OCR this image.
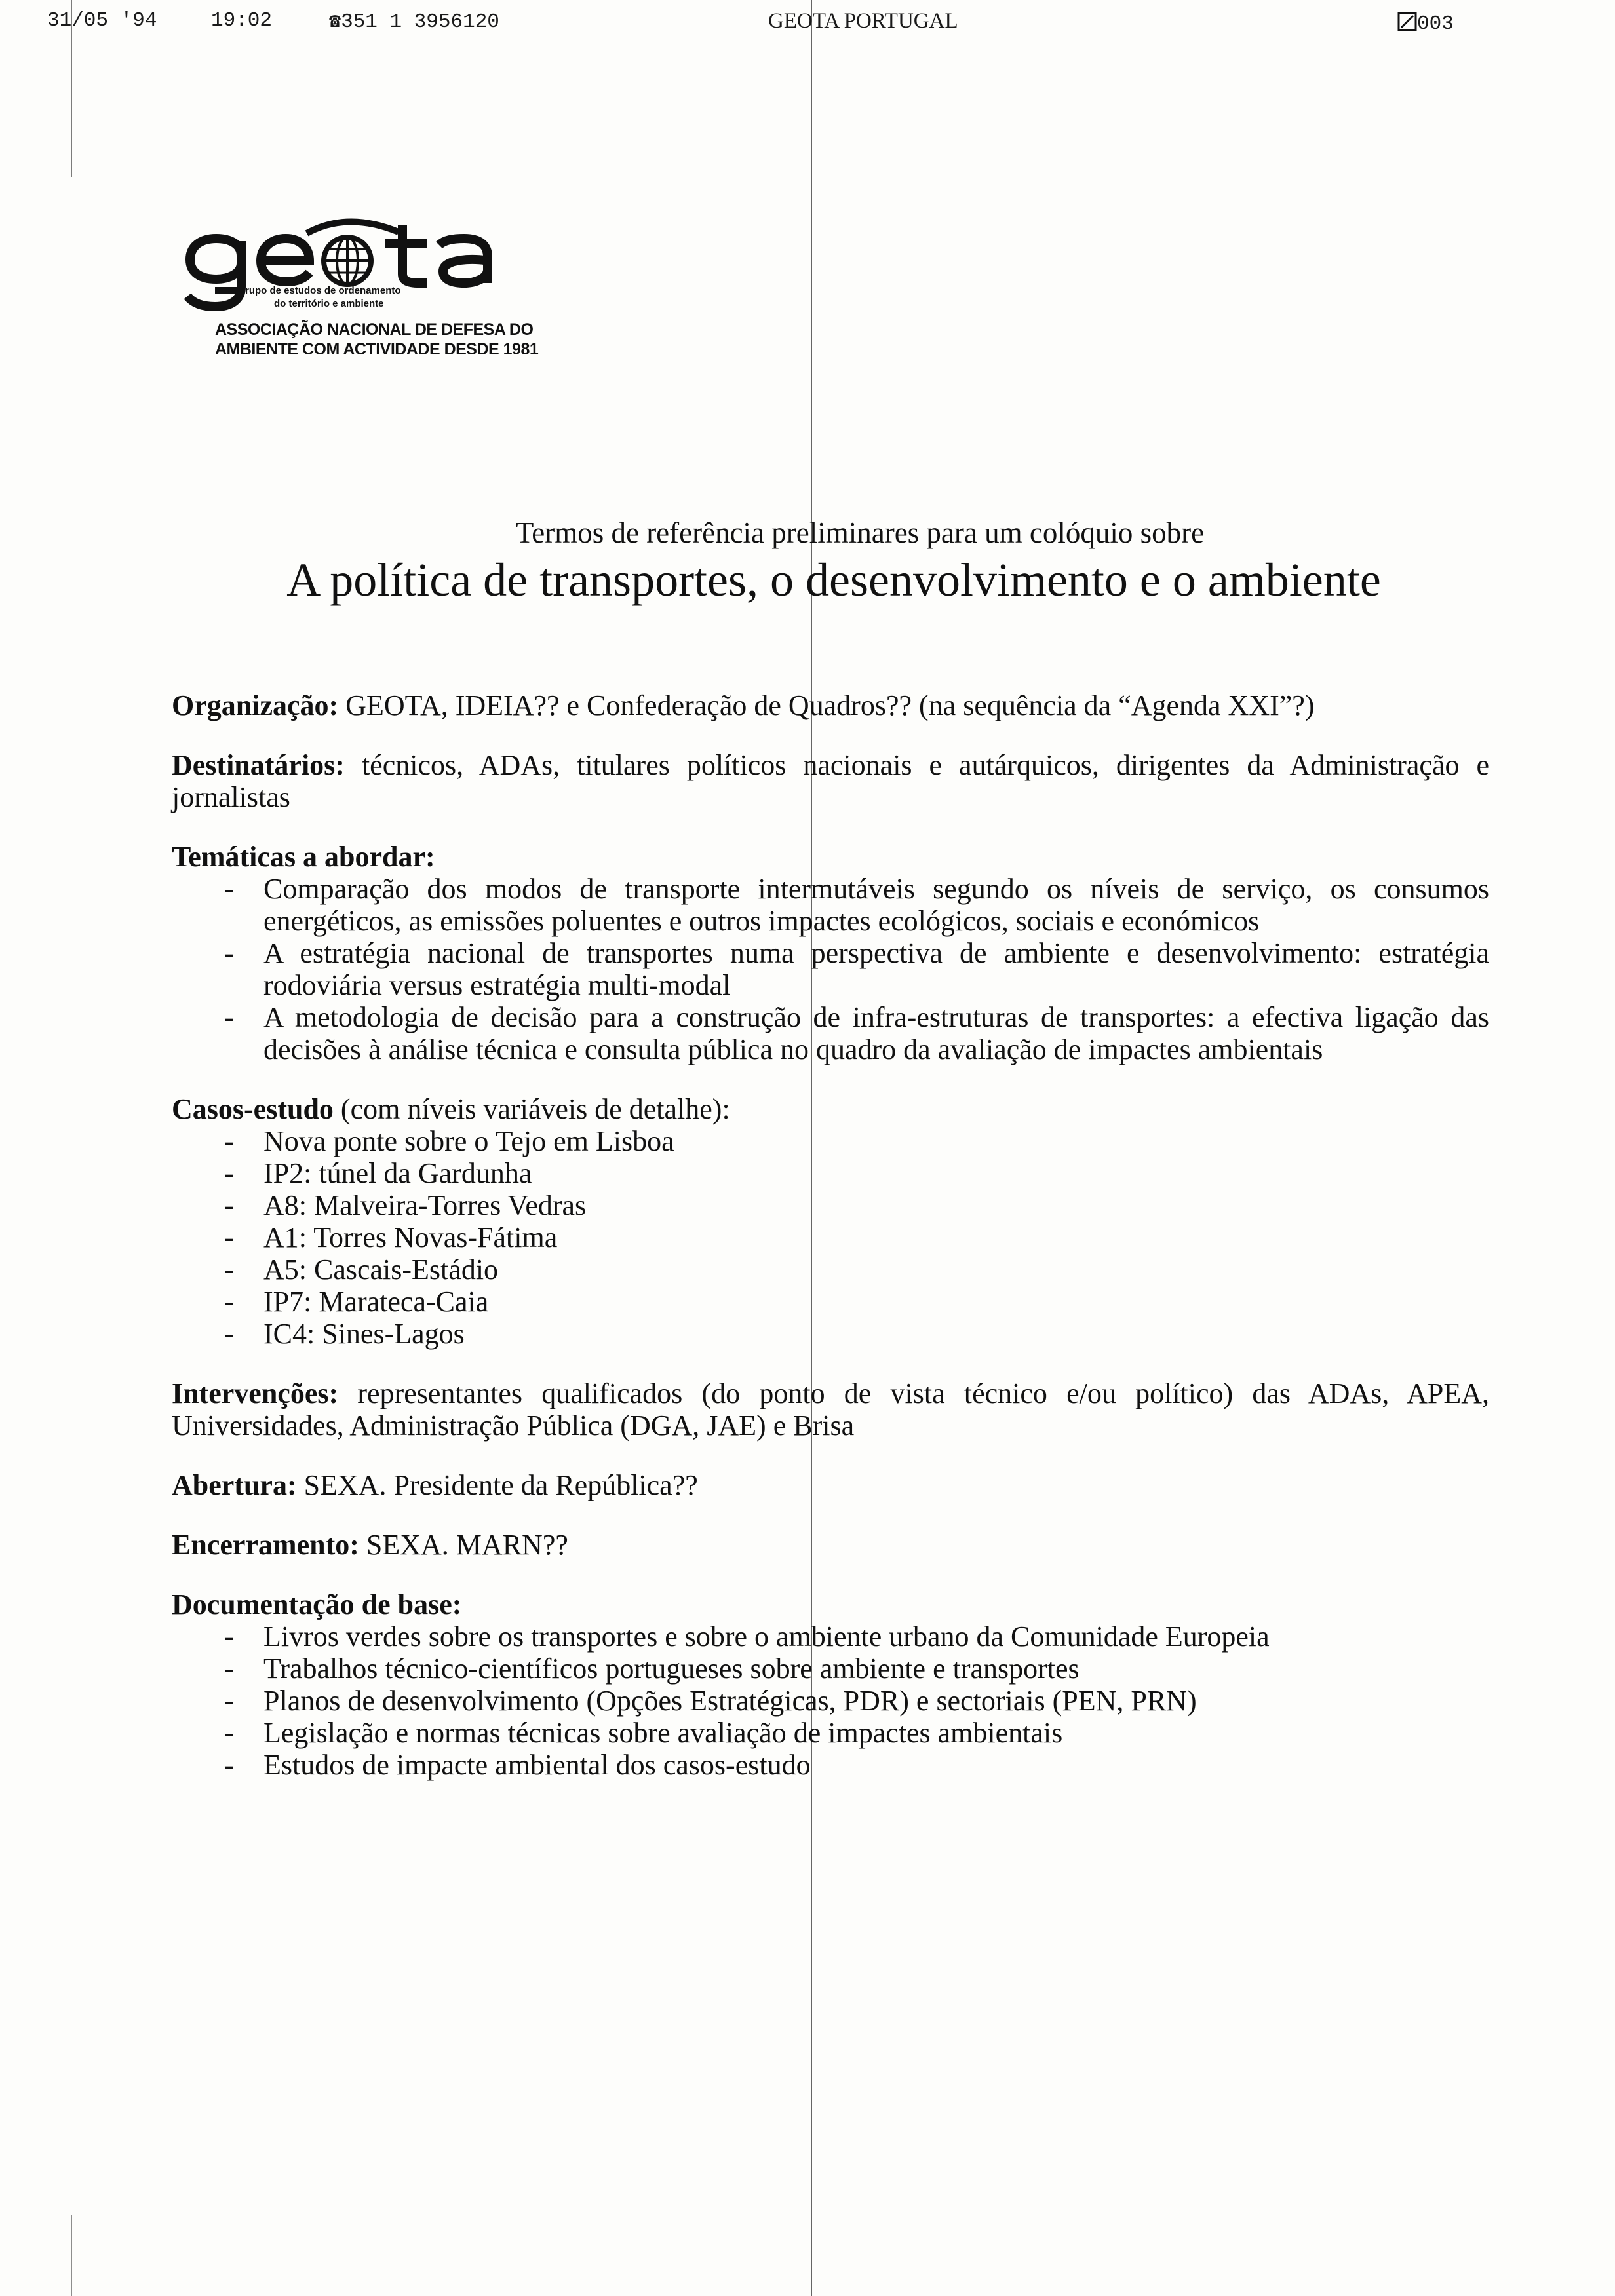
31/05 '94	19:02	☎351 1 3956120	GEOTA PORTUGAL	003
rupo de estudos de ordenamento
do território e ambiente
ASSOCIAÇÃO NACIONAL DE DEFESA DO
AMBIENTE COM ACTIVIDADE DESDE 1981
Termos de referência preliminares para um colóquio sobre
A política de transportes, o desenvolvimento e o ambiente

Organização: GEOTA, IDEIA?? e Confederação de Quadros?? (na sequência da “Agenda XXI”?)

Destinatários: técnicos, ADAs, titulares políticos nacionais e autárquicos, dirigentes da Administração e jornalistas

Temáticas a abordar:

- Comparação dos modos de transporte intermutáveis segundo os níveis de serviço, os consumos energéticos, as emissões poluentes e outros impactes ecológicos, sociais e económicos
- A estratégia nacional de transportes numa perspectiva de ambiente e desenvolvimento: estratégia rodoviária versus estratégia multi-modal
- A metodologia de decisão para a construção de infra-estruturas de transportes: a efectiva ligação das decisões à análise técnica e consulta pública no quadro da avaliação de impactes ambientais

Casos-estudo (com níveis variáveis de detalhe):

- Nova ponte sobre o Tejo em Lisboa
- IP2: túnel da Gardunha
- A8: Malveira-Torres Vedras
- A1: Torres Novas-Fátima
- A5: Cascais-Estádio
- IP7: Marateca-Caia
- IC4: Sines-Lagos

Intervenções: representantes qualificados (do ponto de vista técnico e/ou político) das ADAs, APEA, Universidades, Administração Pública (DGA, JAE) e Brisa

Abertura: SEXA. Presidente da República??

Encerramento: SEXA. MARN??

Documentação de base:

- Livros verdes sobre os transportes e sobre o ambiente urbano da Comunidade Europeia
- Trabalhos técnico-científicos portugueses sobre ambiente e transportes
- Planos de desenvolvimento (Opções Estratégicas, PDR) e sectoriais (PEN, PRN)
- Legislação e normas técnicas sobre avaliação de impactes ambientais
- Estudos de impacte ambiental dos casos-estudo
